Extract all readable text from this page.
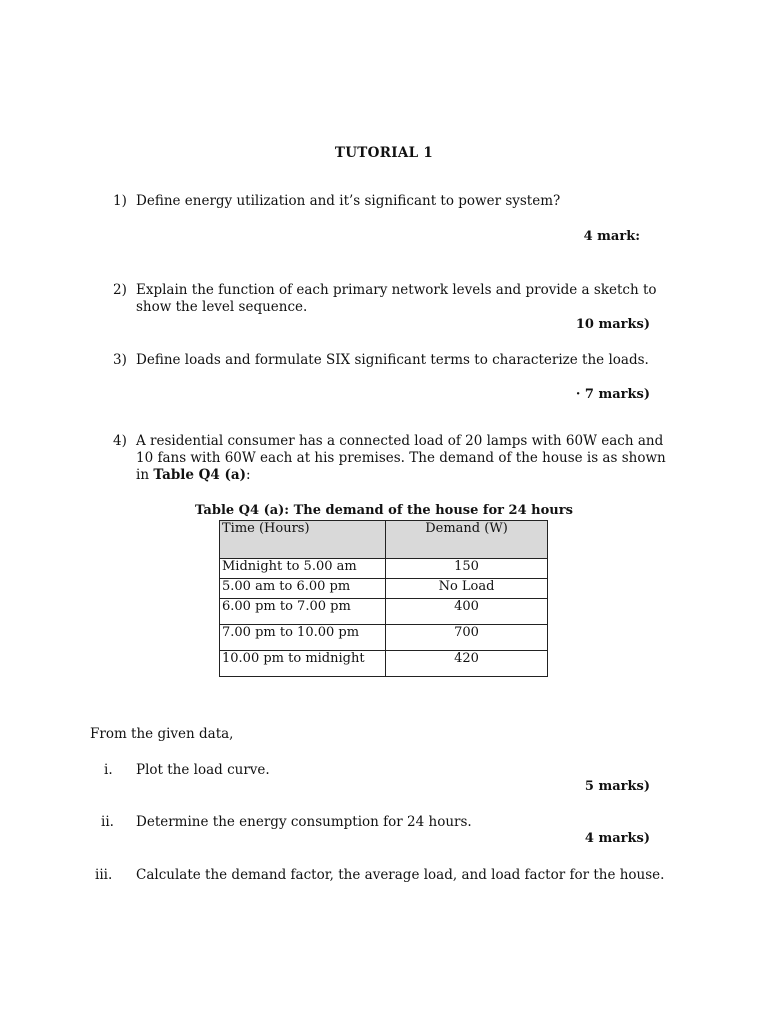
TUTORIAL 1
1) Define energy utilization and it’s significant to power system?
4 mark:
2) Explain the function of each primary network levels and provide a sketch to show the level sequence.
10 marks)
3) Define loads and formulate SIX significant terms to characterize the loads.
· 7 marks)
4) A residential consumer has a connected load of 20 lamps with 60W each and 10 fans with 60W each at his premises. The demand of the house is as shown in Table Q4 (a):
Table Q4 (a): The demand of the house for 24 hours
Time (Hours)	Demand (W)
Midnight to 5.00 am	150
5.00 am to 6.00 pm	No Load
6.00 pm to 7.00 pm	400
7.00 pm to 10.00 pm	700
10.00 pm to midnight	420
From the given data,
i. Plot the load curve.
5 marks)
ii. Determine the energy consumption for 24 hours.
4 marks)
iii. Calculate the demand factor, the average load, and load factor for the house.
